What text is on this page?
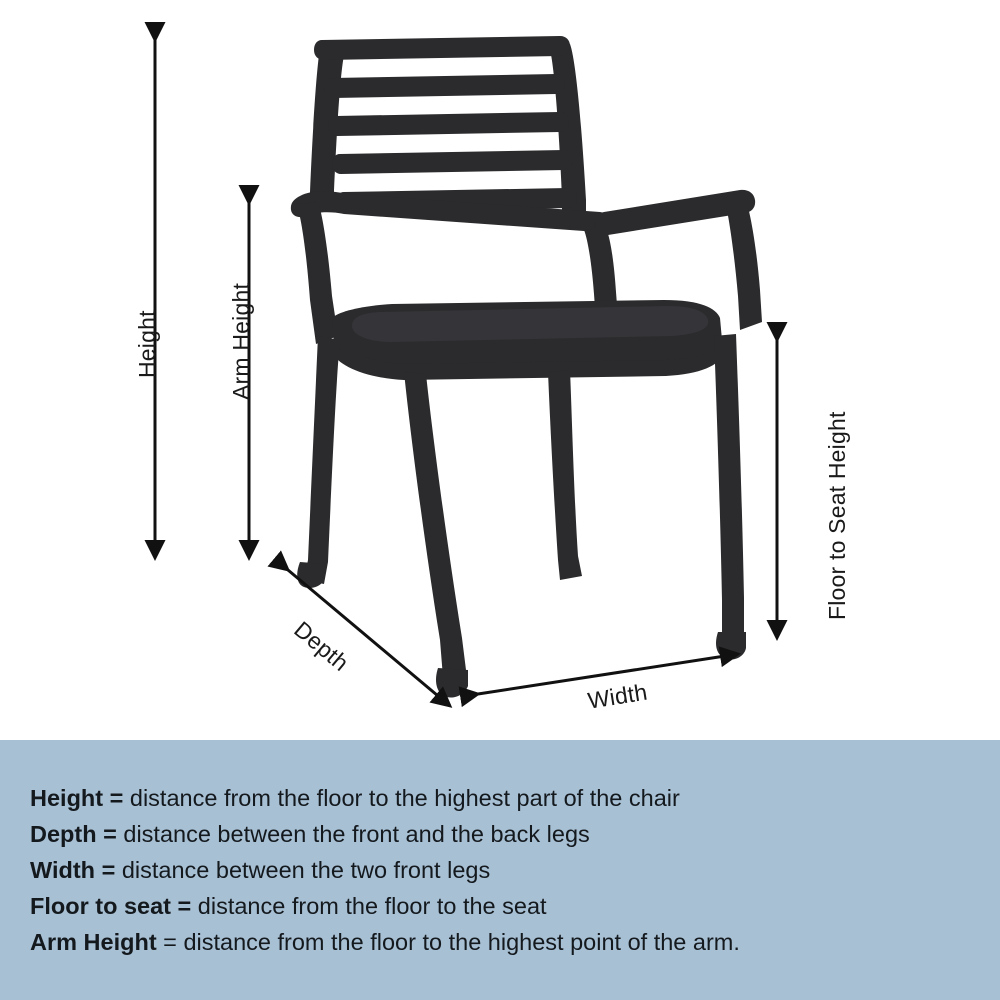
Height	Arm Height
Floor to Seat Height
Depth
Width
Height = distance from the floor to the highest part of the chair
Depth = distance between the front and the back legs
Width = distance between the two front legs
Floor to seat = distance from the floor to the seat
Arm Height = distance from the floor to the highest point of the arm.
